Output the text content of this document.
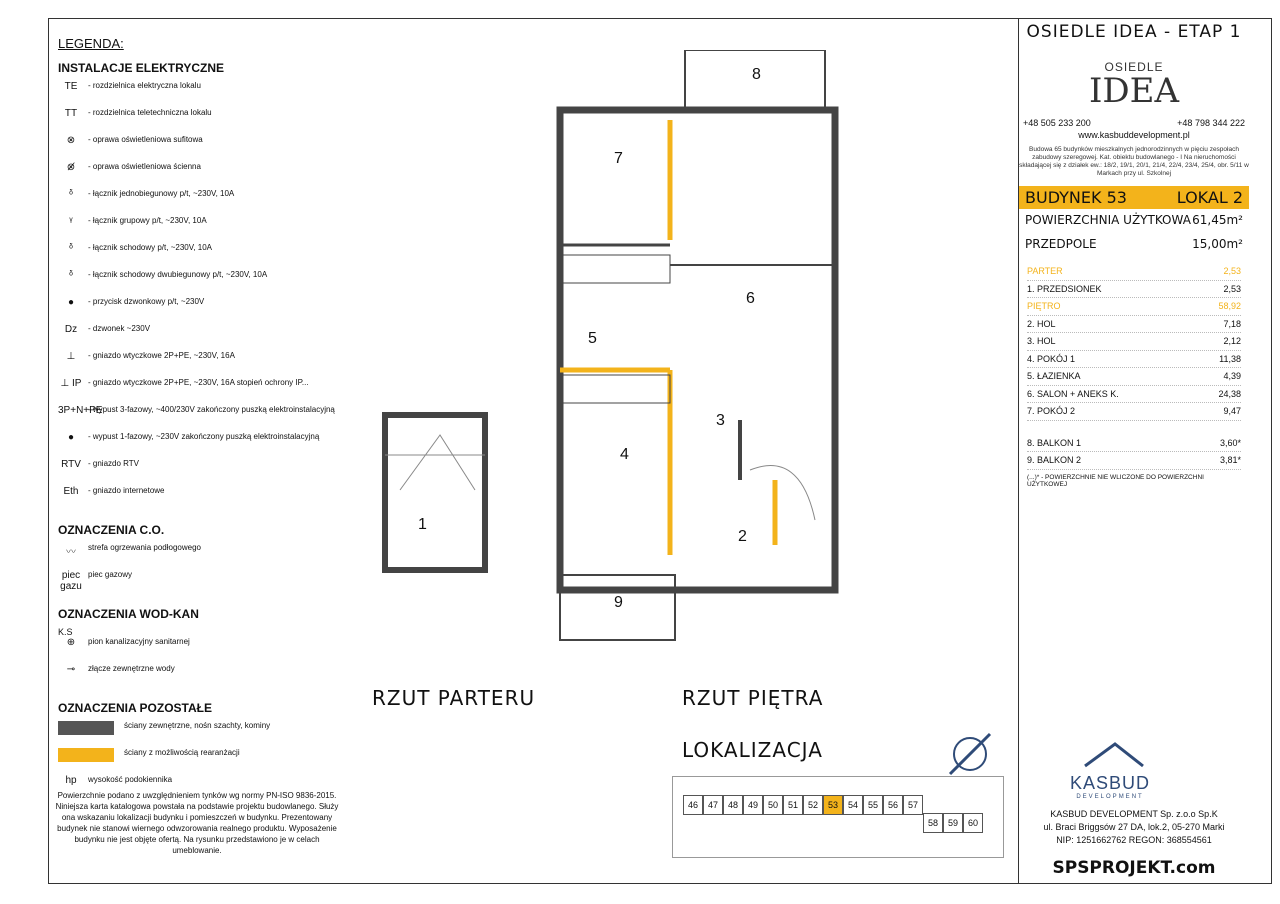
LEGENDA:
INSTALACJE ELEKTRYCZNE
TE	- rozdzielnica elektryczna lokalu
TT	- rozdzielnica teletechniczna lokalu
⊗	- oprawa oświetleniowa sufitowa
⊗̸	- oprawa oświetleniowa ścienna
ᵟ	- łącznik jednobiegunowy p/t, ~230V, 10A
ᵞ	- łącznik grupowy p/t, ~230V, 10A
ᵟ	- łącznik schodowy p/t, ~230V, 10A
ᵟ	- łącznik schodowy dwubiegunowy p/t, ~230V, 10A
●	- przycisk dzwonkowy p/t, ~230V
Dz	- dzwonek ~230V
⊥	- gniazdo wtyczkowe 2P+PE, ~230V, 16A
⊥ IP - gniazdo wtyczkowe 2P+PE, ~230V, 16A stopień ochrony IP...
3P+N+PE
- wypust 3-fazowy, ~400/230V zakończony puszką elektroinstalacyjną
●	- wypust 1-fazowy, ~230V zakończony puszką elektroinstalacyjną
RTV - gniazdo RTV
Eth	- gniazdo internetowe
OZNACZENIA C.O.
〰	strefa ogrzewania podłogowego
piec gazu
piec gazowy
OZNACZENIA WOD-KAN
K.S
⊕	pion kanalizacyjny sanitarnej
⊸	złącze zewnętrzne wody
OZNACZENIA POZOSTAŁE
ściany zewnętrzne, nośn szachty, kominy
ściany z możliwością rearanżacji
hp	wysokość podokiennika
Powierzchnie podano z uwzględnieniem tynków wg normy PN-ISO 9836-2015. Niniejsza karta katalogowa powstała na podstawie projektu budowlanego. Służy ona wskazaniu lokalizacji budynku i pomieszczeń w budynku. Prezentowany budynek nie stanowi wiernego odwzorowania realnego produktu. Wyposażenie budynku nie jest objęte ofertą. Na rysunku przedstawiono je w celach umeblowanie.
1
2
3
4
5
6
7
8
9
RZUT PARTERU	RZUT PIĘTRA
LOKALIZACJA
46	47	48	49	50	51	52	53	54	55	56	57
58	59	60
OSIEDLE IDEA - ETAP 1
OSIEDLE
IDEA
+48 505 233 200	+48 798 344 222
www.kasbuddevelopment.pl
Budowa 65 budynków mieszkalnych jednorodzinnych w pięciu zespołach zabudowy szeregowej. Kat. obiektu budowlanego - I Na nieruchomości składającej się z działek ew.: 18/2, 19/1, 20/1, 21/4, 22/4, 23/4, 25/4, obr. 5/11 w Markach przy ul. Szkolnej
BUDYNEK 53	LOKAL 2
POWIERZCHNIA UŻYTKOWA 61,45m²
PRZEDPOLE	15,00m²
PARTER	2,53
1. PRZEDSIONEK	2,53
PIĘTRO	58,92
2. HOL	7,18
3. HOL	2,12
4. POKÓJ 1	11,38
5. ŁAZIENKA	4,39
6. SALON + ANEKS K.	24,38
7. POKÓJ 2	9,47
8. BALKON 1	3,60*
9. BALKON 2	3,81*
(...)* - POWIERZCHNIE NIE WLICZONE DO POWIERZCHNI UŻYTKOWEJ
KASBUD
DEVELOPMENT
KASBUD DEVELOPMENT Sp. z.o.o Sp.K
ul. Braci Briggsów 27 DA, lok.2, 05-270 Marki
NIP: 1251662762 REGON: 368554561
SPSPROJEKT.com
